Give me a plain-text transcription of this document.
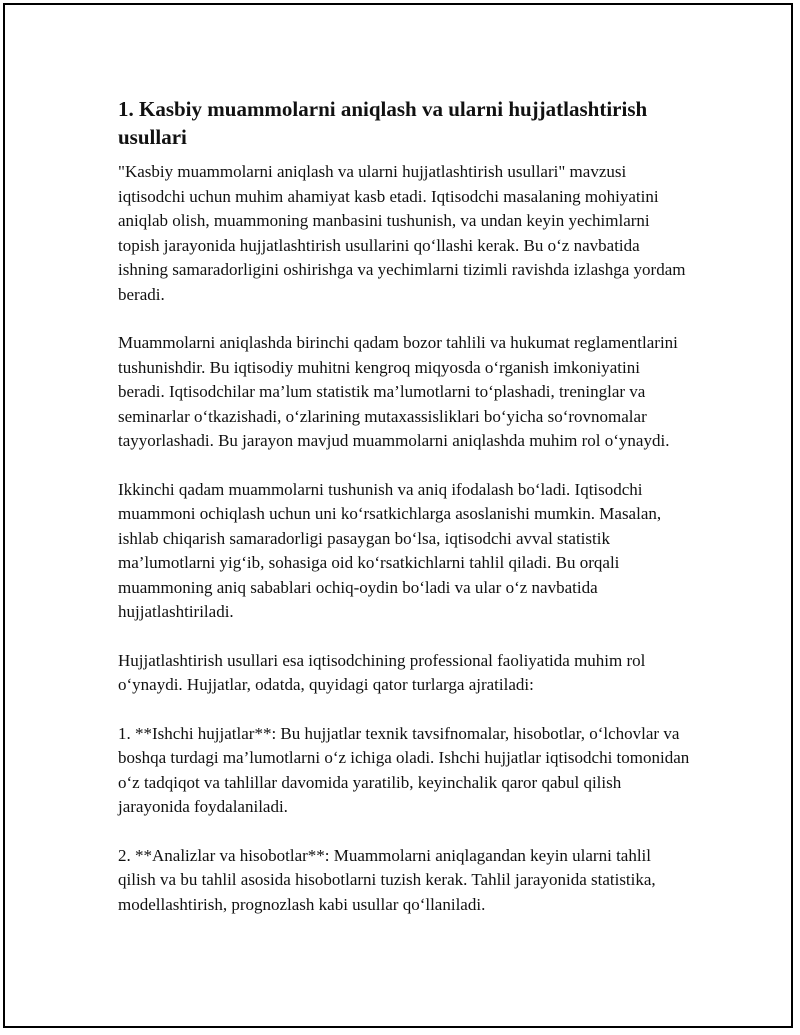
1. Kasbiy muammolarni aniqlash va ularni hujjatlashtirish usullari

"Kasbiy muammolarni aniqlash va ularni hujjatlashtirish usullari" mavzusi iqtisodchi uchun muhim ahamiyat kasb etadi. Iqtisodchi masalaning mohiyatini aniqlab olish, muammoning manbasini tushunish, va undan keyin yechimlarni topish jarayonida hujjatlashtirish usullarini qo‘llashi kerak. Bu o‘z navbatida ishning samaradorligini oshirishga va yechimlarni tizimli ravishda izlashga yordam beradi.

Muammolarni aniqlashda birinchi qadam bozor tahlili va hukumat reglamentlarini tushunishdir. Bu iqtisodiy muhitni kengroq miqyosda o‘rganish imkoniyatini beradi. Iqtisodchilar ma’lum statistik ma’lumotlarni to‘plashadi, treninglar va seminarlar o‘tkazishadi, o‘zlarining mutaxassisliklari bo‘yicha so‘rovnomalar tayyorlashadi. Bu jarayon mavjud muammolarni aniqlashda muhim rol o‘ynaydi.

Ikkinchi qadam muammolarni tushunish va aniq ifodalash bo‘ladi. Iqtisodchi muammoni ochiqlash uchun uni ko‘rsatkichlarga asoslanishi mumkin. Masalan, ishlab chiqarish samaradorligi pasaygan bo‘lsa, iqtisodchi avval statistik ma’lumotlarni yig‘ib, sohasiga oid ko‘rsatkichlarni tahlil qiladi. Bu orqali muammoning aniq sabablari ochiq-oydin bo‘ladi va ular o‘z navbatida hujjatlashtiriladi.

Hujjatlashtirish usullari esa iqtisodchining professional faoliyatida muhim rol o‘ynaydi. Hujjatlar, odatda, quyidagi qator turlarga ajratiladi:

1. **Ishchi hujjatlar**: Bu hujjatlar texnik tavsifnomalar, hisobotlar, o‘lchovlar va boshqa turdagi ma’lumotlarni o‘z ichiga oladi. Ishchi hujjatlar iqtisodchi tomonidan o‘z tadqiqot va tahlillar davomida yaratilib, keyinchalik qaror qabul qilish jarayonida foydalaniladi.

2. **Analizlar va hisobotlar**: Muammolarni aniqlagandan keyin ularni tahlil qilish va bu tahlil asosida hisobotlarni tuzish kerak. Tahlil jarayonida statistika, modellashtirish, prognozlash kabi usullar qo‘llaniladi.
